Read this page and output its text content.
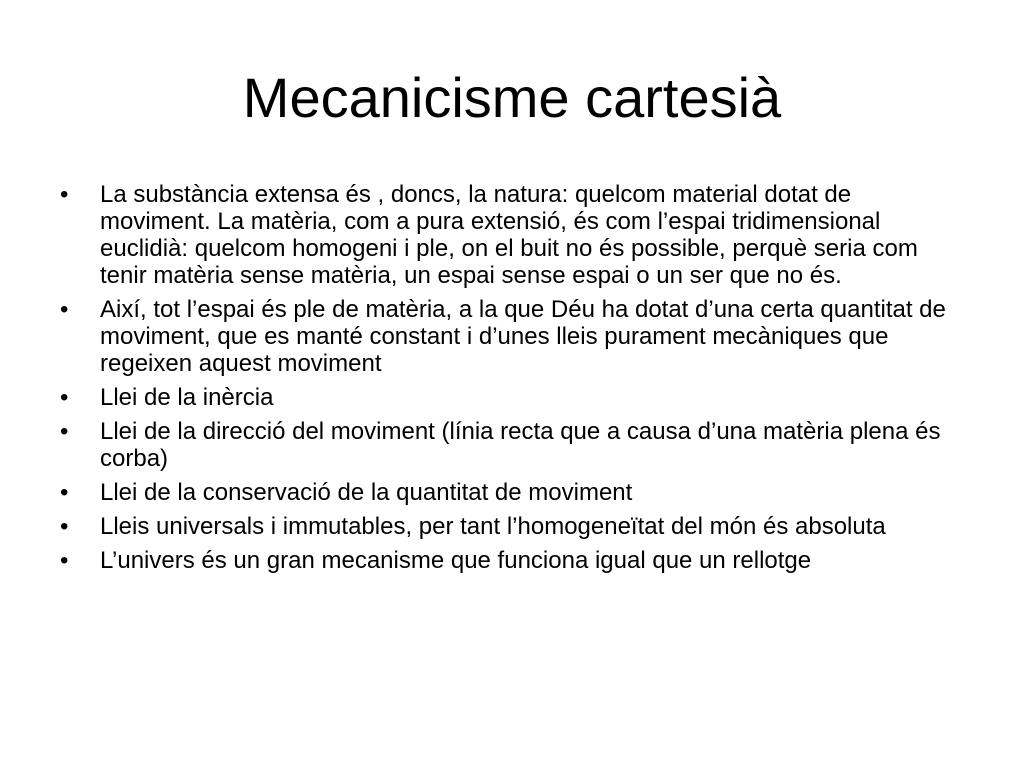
Mecanicisme cartesià
•	La substància extensa és , doncs, la natura: quelcom material dotat de moviment. La matèria, com a pura extensió, és com l’espai tridimensional euclidià: quelcom homogeni i ple, on el buit no és possible, perquè seria com tenir matèria sense matèria, un espai sense espai o un ser que no és.
•	Així, tot l’espai és ple de matèria, a la que Déu ha dotat d’una certa quantitat de moviment, que es manté constant i d’unes lleis purament mecàniques que regeixen aquest moviment
•	Llei de la inèrcia
•	Llei de la direcció del moviment (línia recta que a causa d’una matèria plena és corba)
•	Llei de la conservació de la quantitat de moviment
•	Lleis universals i immutables, per tant l’homogeneïtat del món és absoluta
•	L’univers és un gran mecanisme que funciona igual que un rellotge
